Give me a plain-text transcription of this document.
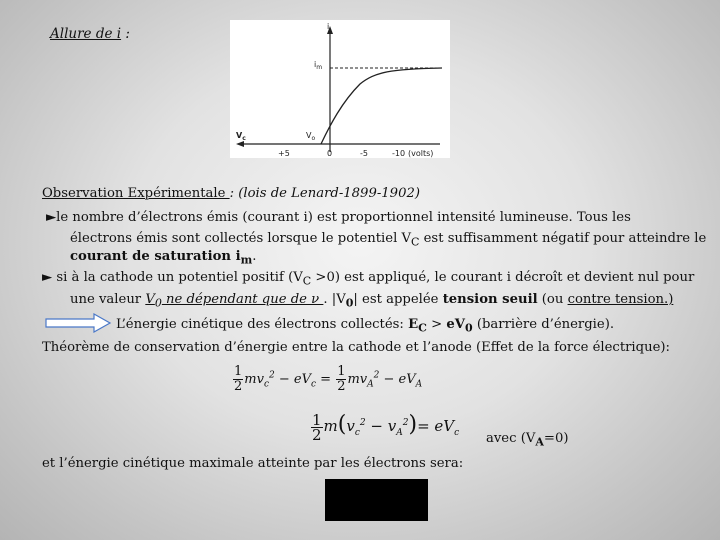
Allure de i :	i
$V_c$
$i_m$
$V_o$
+5	0	-5	-10 (volts)
Observation Expérimentale : (lois de Lenard-1899-1902)
►le nombre d’électrons émis (courant i) est proportionnel intensité lumineuse. Tous les
électrons émis sont collectés lorsque le potentiel $V_C$ est suffisamment négatif pour atteindre le
courant de saturation $i_m$.
► si à la cathode un potentiel positif $(V_C >0)$ est appliqué, le courant i décroît et devient nul pour
une valeur $V_0$ ne dépendant que de ν . $|V_0|$ est appelée tension seuil (ou contre tension.)
L’énergie cinétique des électrons collectés: $E_C > eV_0$ (barrière d’énergie).
Théorème de conservation d’énergie entre la cathode et l’anode (Effet de la force électrique):
$\frac{1}{2} mv_c^2 - eV_c = \frac{1}{2} mv_A^2 - eV_A$
$\frac{1}{2} m(v_c^2 - v_A^2)= eV_c$ avec $(V_A=0)$
et l’énergie cinétique maximale atteinte par les électrons sera:
